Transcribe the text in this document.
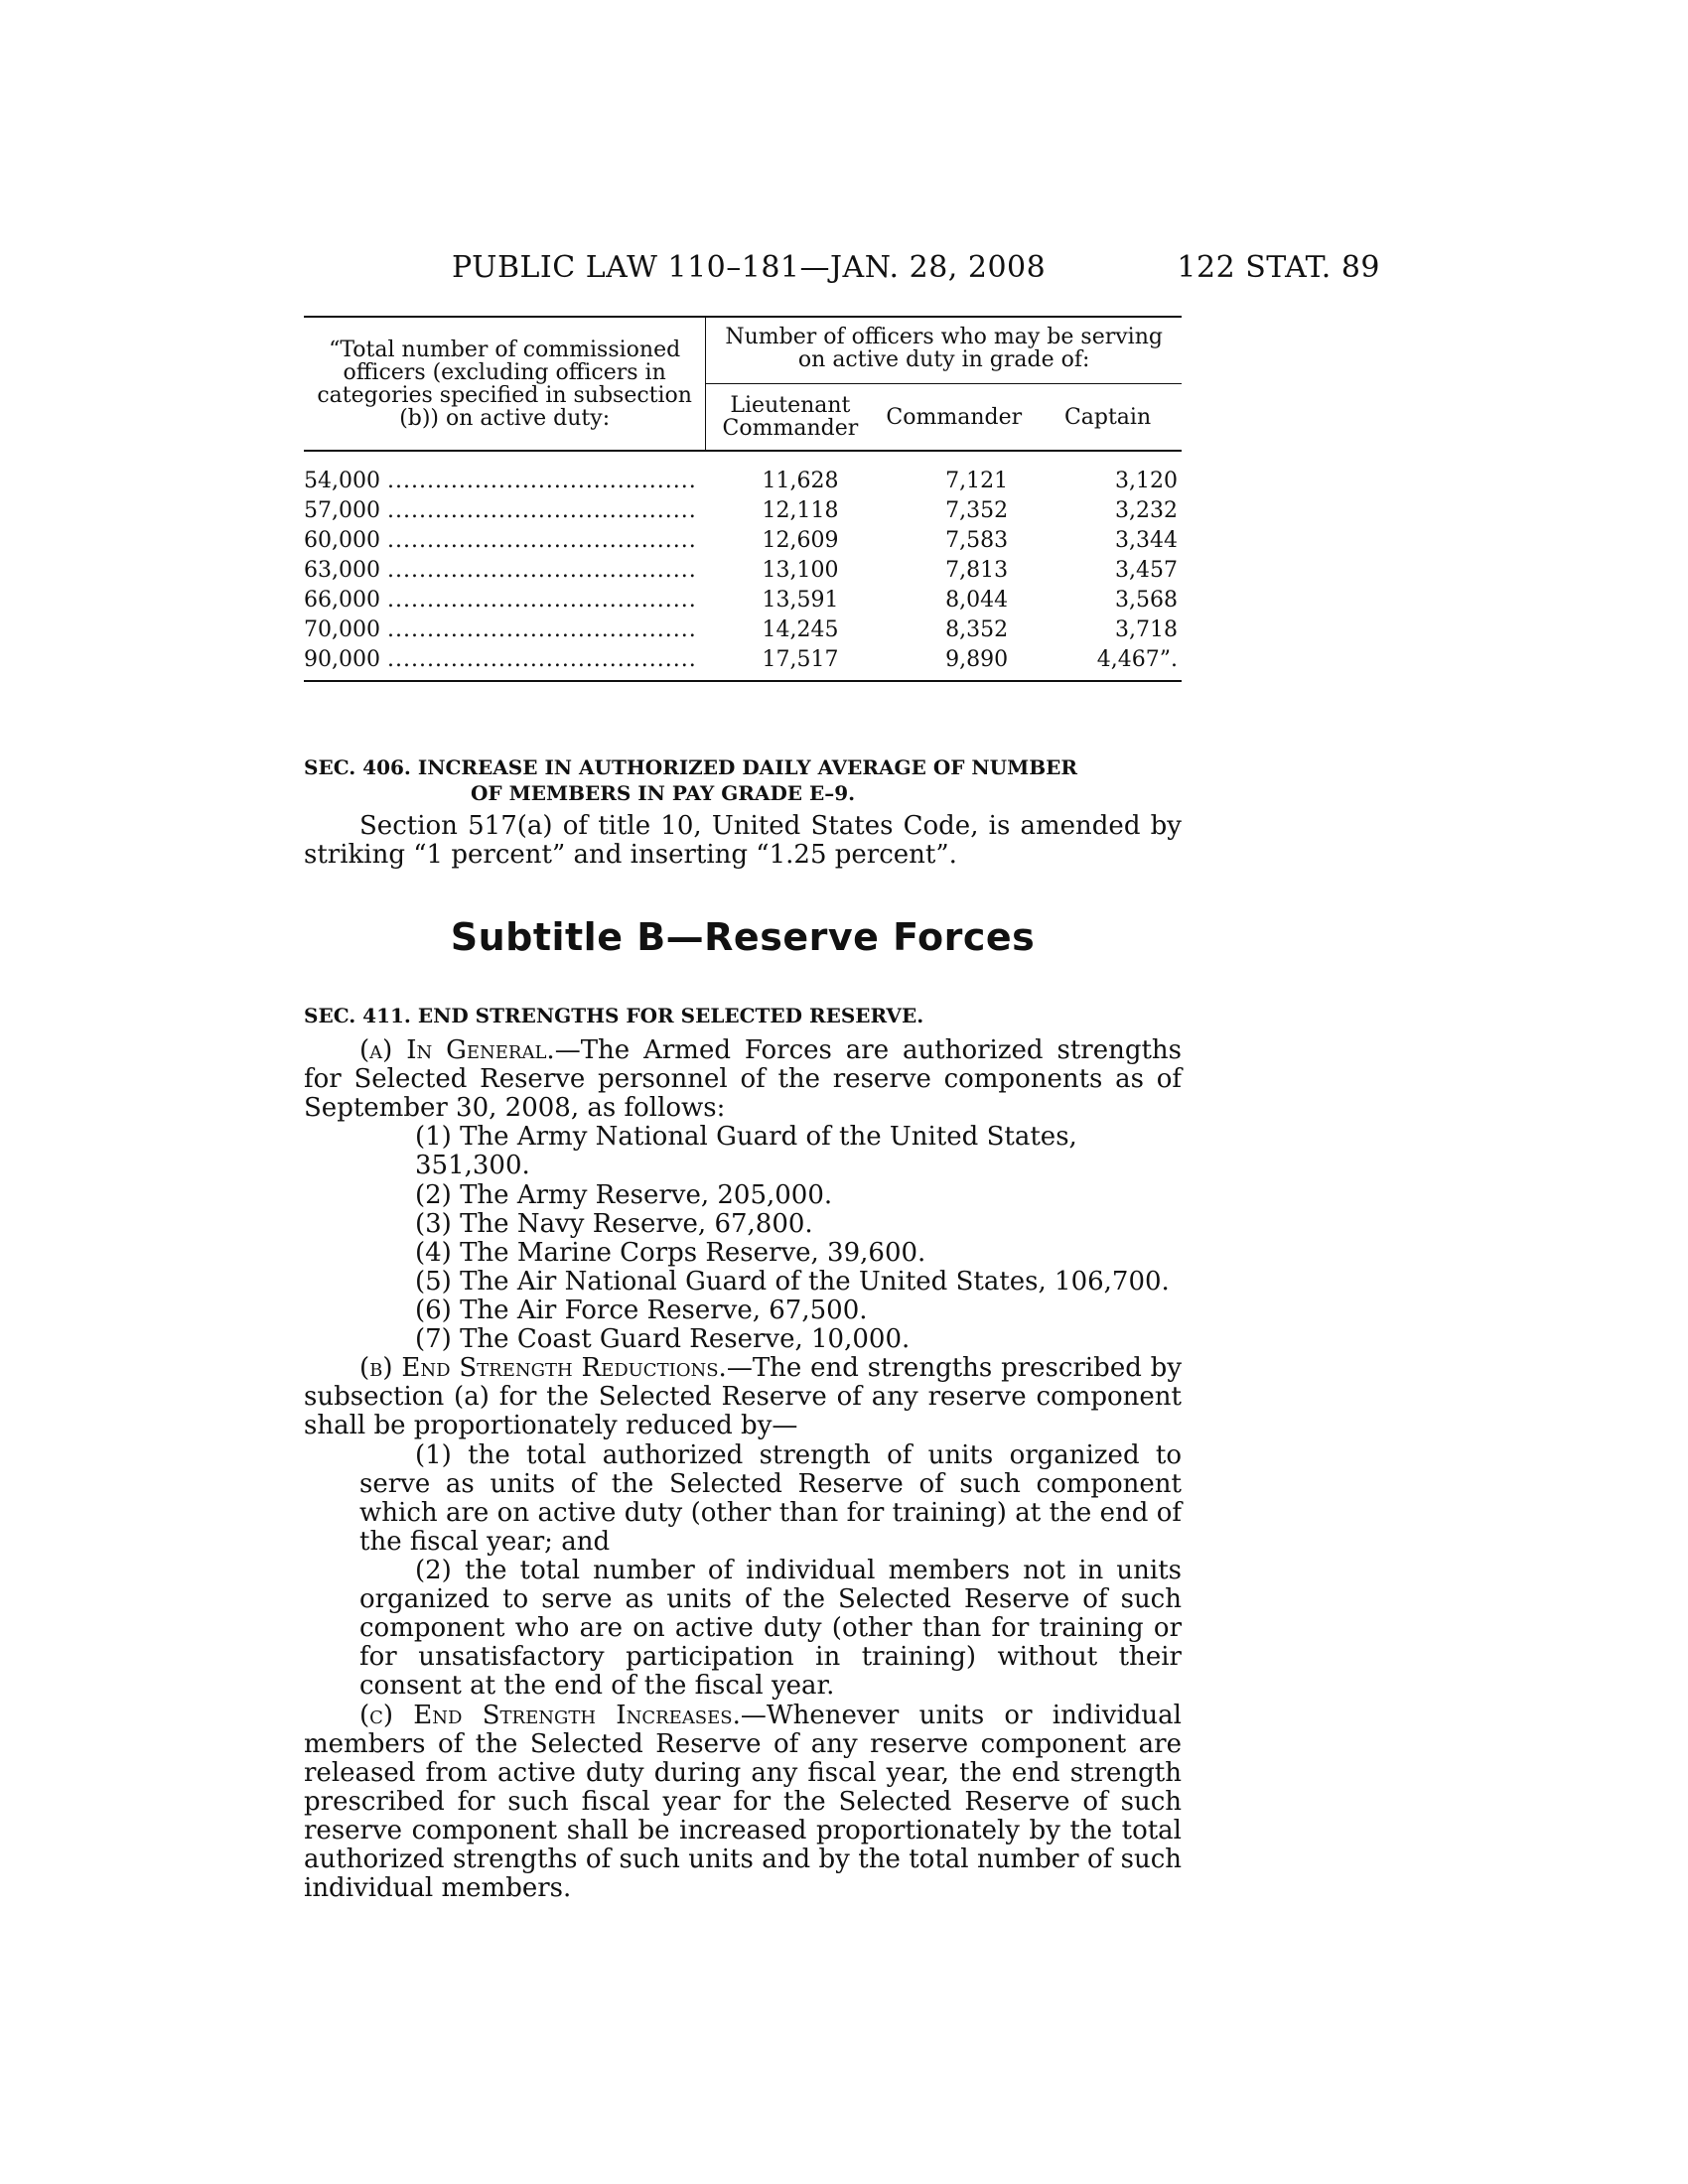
PUBLIC LAW 110–181—JAN. 28, 2008	122 STAT. 89
“Total number of commissioned officers (excluding officers in categories specified in subsection (b)) on active duty:	Number of officers who may be serving on active duty in grade of:		
	Lieutenant Commander	Commander	Captain
54,000 .......................................	11,628	7,121	3,120
57,000 .......................................	12,118	7,352	3,232
60,000 .......................................	12,609	7,583	3,344
63,000 .......................................	13,100	7,813	3,457
66,000 .......................................	13,591	8,044	3,568
70,000 .......................................	14,245	8,352	3,718
90,000 .......................................	17,517	9,890	4,467”.
SEC. 406. INCREASE IN AUTHORIZED DAILY AVERAGE OF NUMBER
OF MEMBERS IN PAY GRADE E–9.

Section 517(a) of title 10, United States Code, is amended by striking “1 percent” and inserting “1.25 percent”.

Subtitle B—Reserve Forces
SEC. 411. END STRENGTHS FOR SELECTED RESERVE.

(a) In General.—The Armed Forces are authorized strengths for Selected Reserve personnel of the reserve components as of September 30, 2008, as follows:

(1) The Army National Guard of the United States, 351,300.
(2) The Army Reserve, 205,000.
(3) The Navy Reserve, 67,800.
(4) The Marine Corps Reserve, 39,600.
(5) The Air National Guard of the United States, 106,700.
(6) The Air Force Reserve, 67,500.
(7) The Coast Guard Reserve, 10,000.

(b) End Strength Reductions.—The end strengths prescribed by subsection (a) for the Selected Reserve of any reserve component shall be proportionately reduced by—

(1) the total authorized strength of units organized to serve as units of the Selected Reserve of such component which are on active duty (other than for training) at the end of the fiscal year; and

(2) the total number of individual members not in units organized to serve as units of the Selected Reserve of such component who are on active duty (other than for training or for unsatisfactory participation in training) without their consent at the end of the fiscal year.

(c) End Strength Increases.—Whenever units or individual members of the Selected Reserve of any reserve component are released from active duty during any fiscal year, the end strength prescribed for such fiscal year for the Selected Reserve of such reserve component shall be increased proportionately by the total authorized strengths of such units and by the total number of such individual members.
